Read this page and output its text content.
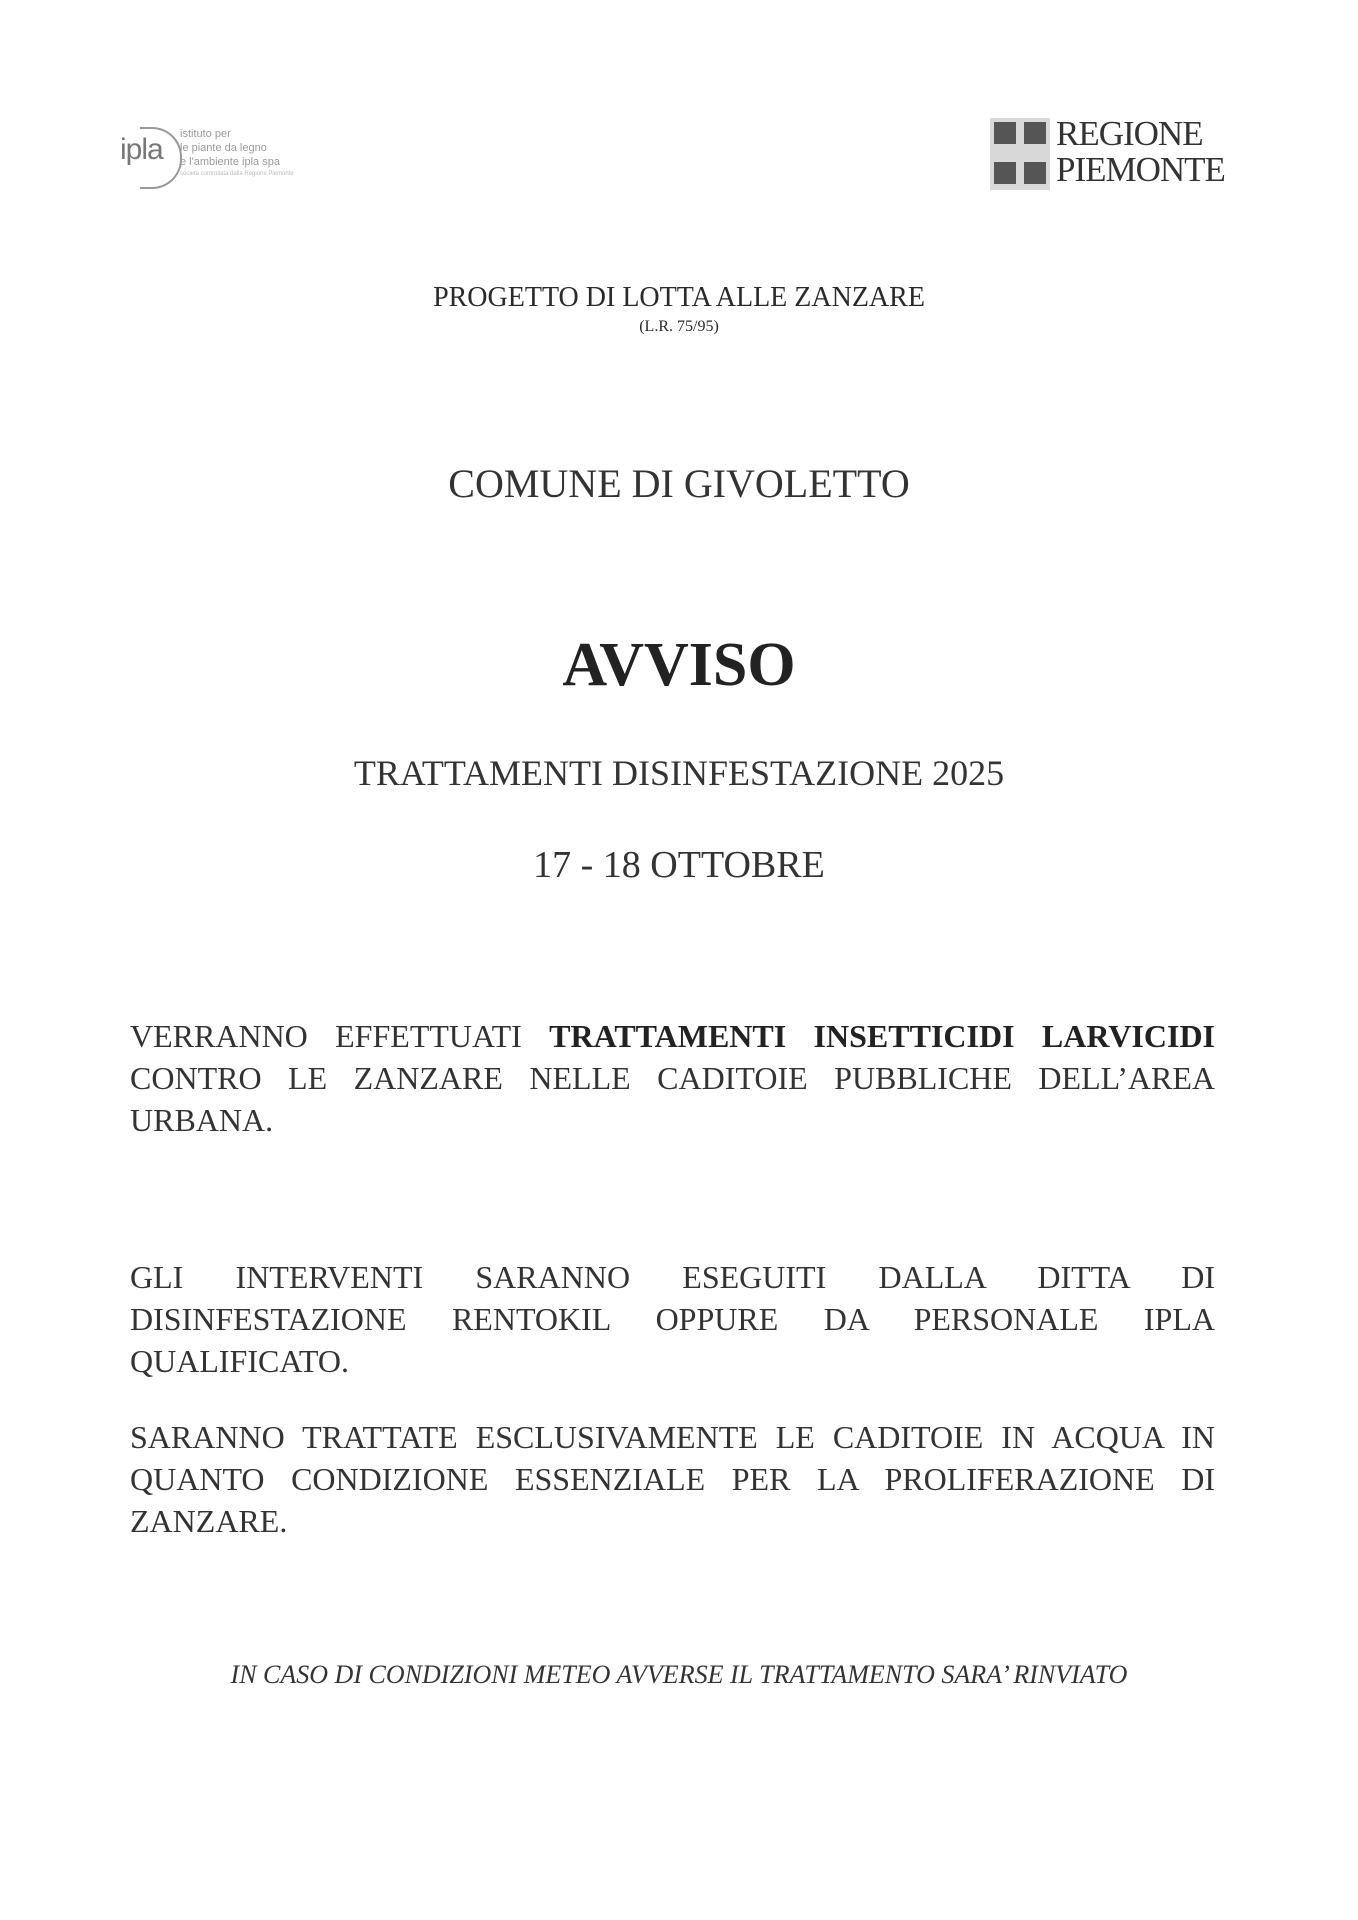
ipla istituto per
le piante da legno
e l'ambiente ipla spa
società controllata dalla Regione Piemonte
REGIONE
PIEMONTE
PROGETTO DI LOTTA ALLE ZANZARE
(L.R. 75/95)
COMUNE DI GIVOLETTO
AVVISO
TRATTAMENTI DISINFESTAZIONE 2025
17 - 18 OTTOBRE
VERRANNO EFFETTUATI TRATTAMENTI INSETTICIDI LARVICIDI CONTRO LE ZANZARE NELLE CADITOIE PUBBLICHE DELL’AREA URBANA.
GLI INTERVENTI SARANNO ESEGUITI DALLA DITTA DI DISINFESTAZIONE RENTOKIL OPPURE DA PERSONALE IPLA QUALIFICATO.
SARANNO TRATTATE ESCLUSIVAMENTE LE CADITOIE IN ACQUA IN QUANTO CONDIZIONE ESSENZIALE PER LA PROLIFERAZIONE DI ZANZARE.
IN CASO DI CONDIZIONI METEO AVVERSE IL TRATTAMENTO SARA’ RINVIATO
